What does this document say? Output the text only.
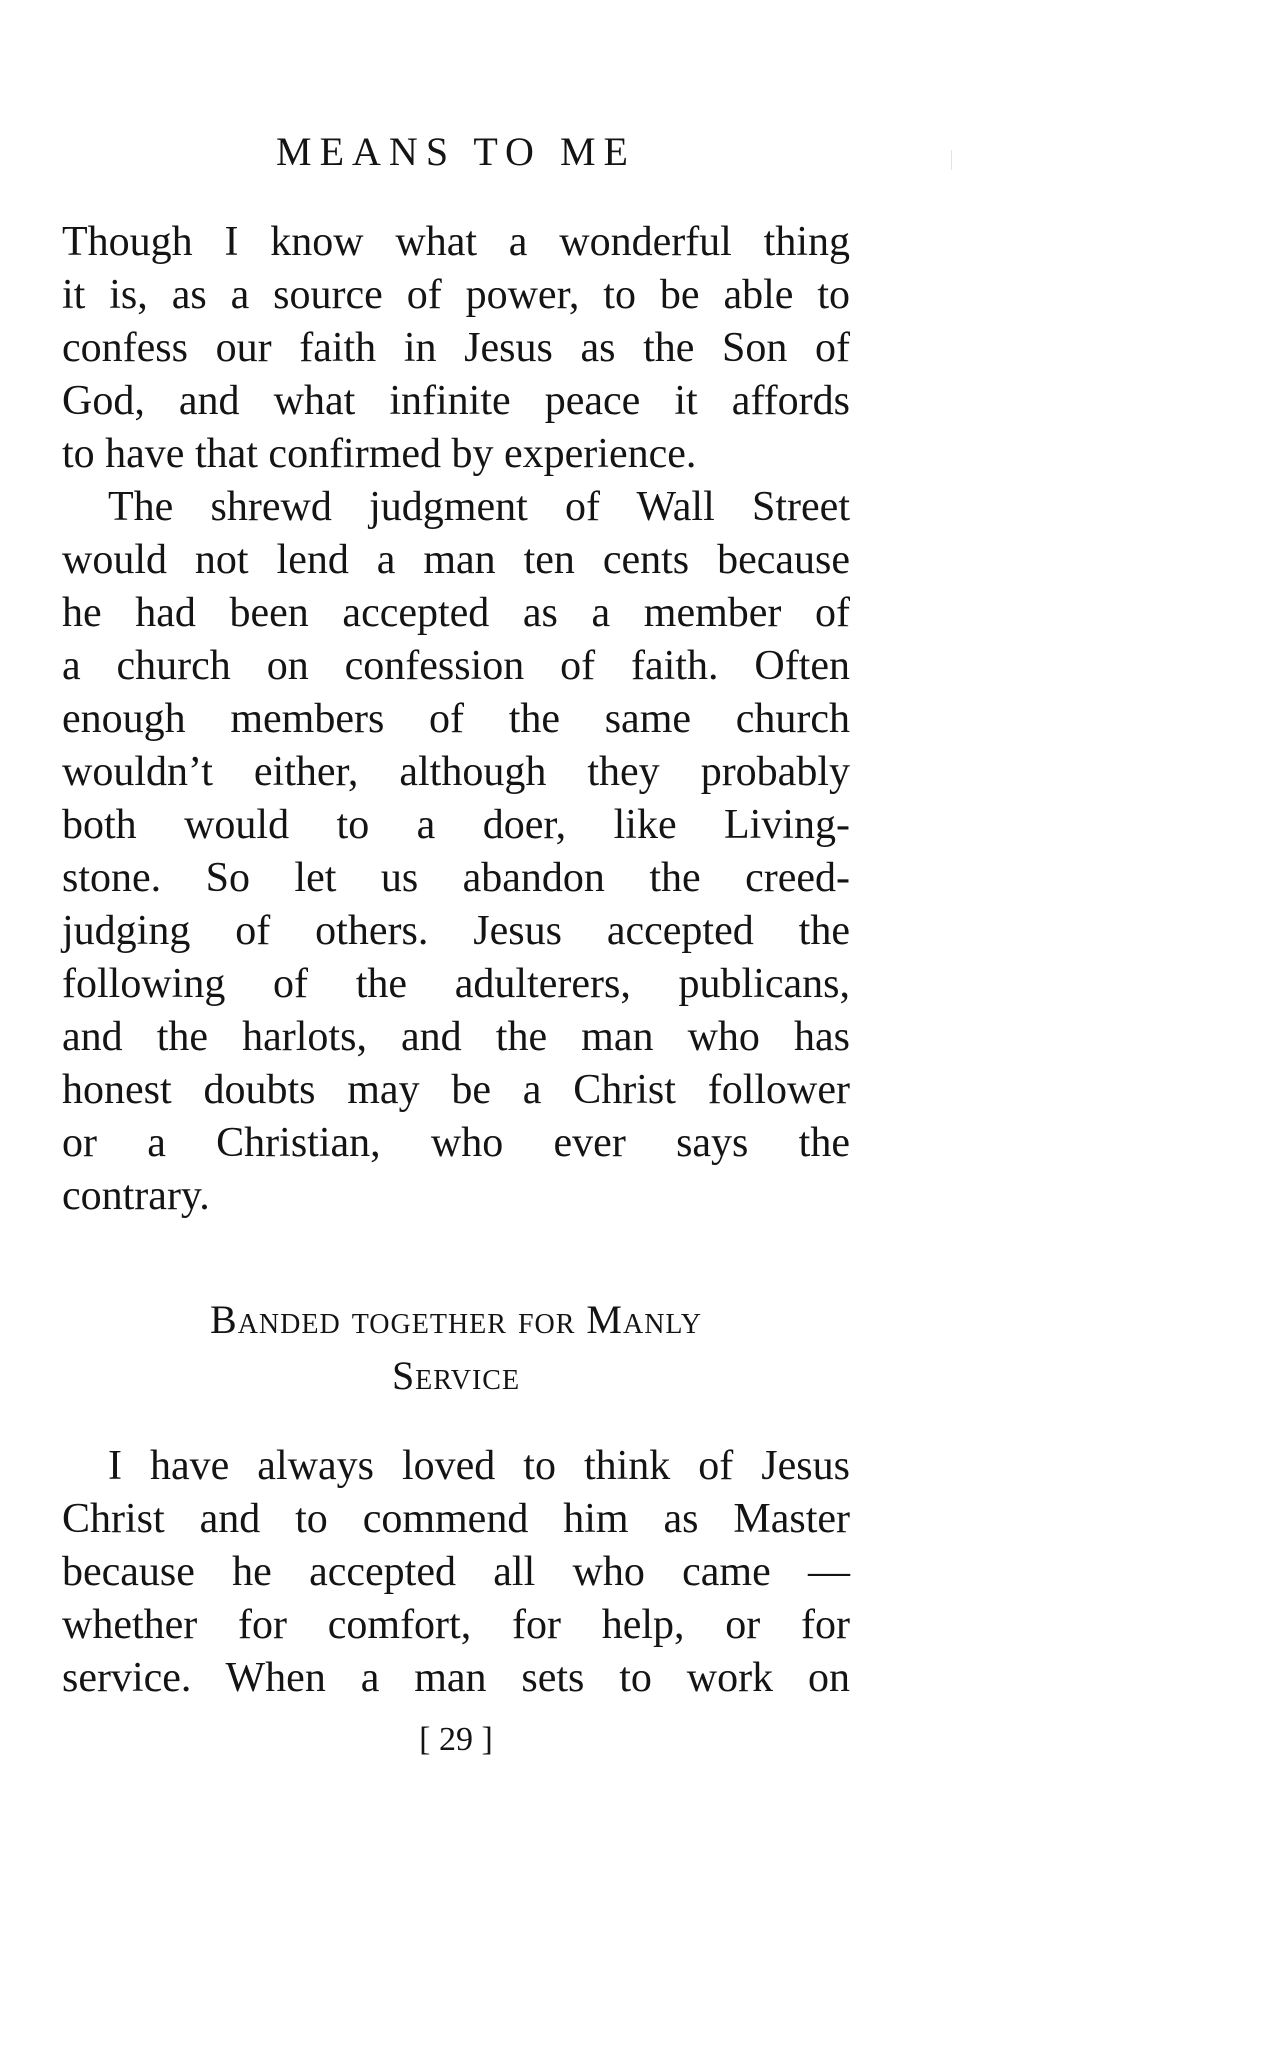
MEANS TO ME
Though I know what a wonderful thing
it is, as a source of power, to be able to
confess our faith in Jesus as the Son of
God, and what infinite peace it affords
to have that confirmed by experience.
The shrewd judgment of Wall Street
would not lend a man ten cents because
he had been accepted as a member of
a church on confession of faith. Often
enough members of the same church
wouldn’t either, although they probably
both would to a doer, like Living-
stone. So let us abandon the creed-
judging of others. Jesus accepted the
following of the adulterers, publicans,
and the harlots, and the man who has
honest doubts may be a Christ follower
or a Christian, who ever says the
contrary.
Banded together for Manly
Service
I have always loved to think of Jesus
Christ and to commend him as Master
because he accepted all who came —
whether for comfort, for help, or for
service. When a man sets to work on
[ 29 ]
